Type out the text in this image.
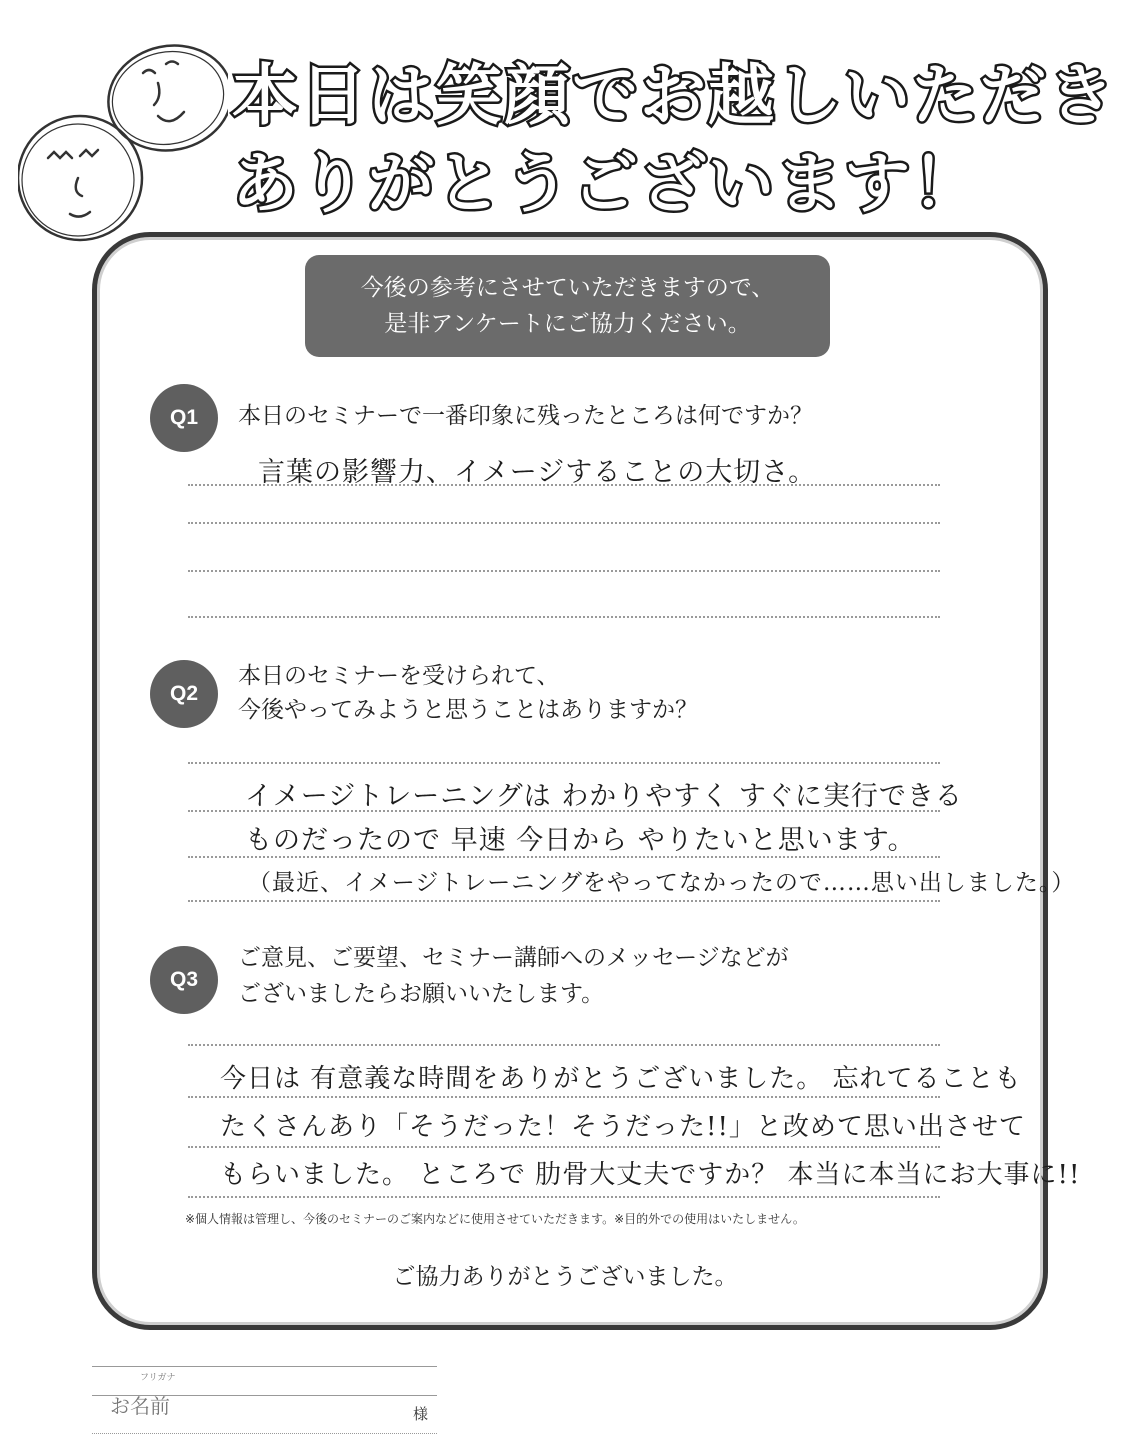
本日は笑顔でお越しいただき
ありがとうございます！
今後の参考にさせていただきますので、
是非アンケートにご協力ください。
Q1	本日のセミナーで一番印象に残ったところは何ですか？
言葉の影響力、イメージすることの大切さ。
Q2
本日のセミナーを受けられて、
今後やってみようと思うことはありますか？
イメージトレーニングは わかりやすく すぐに実行できる
ものだったので 早速 今日から やりたいと思います。
（最近、イメージトレーニングをやってなかったので……思い出しました。）
Q3
ご意見、ご要望、セミナー講師へのメッセージなどが
ございましたらお願いいたします。
今日は 有意義な時間をありがとうございました。 忘れてることも
たくさんあり「そうだった！そうだった!!」と改めて思い出させて
もらいました。 ところで 肋骨大丈夫ですか？ 本当に本当にお大事に!!
※個人情報は管理し、今後のセミナーのご案内などに使用させていただきます。※目的外での使用はいたしません。
ご協力ありがとうございました。
フリガナ
お名前	様
